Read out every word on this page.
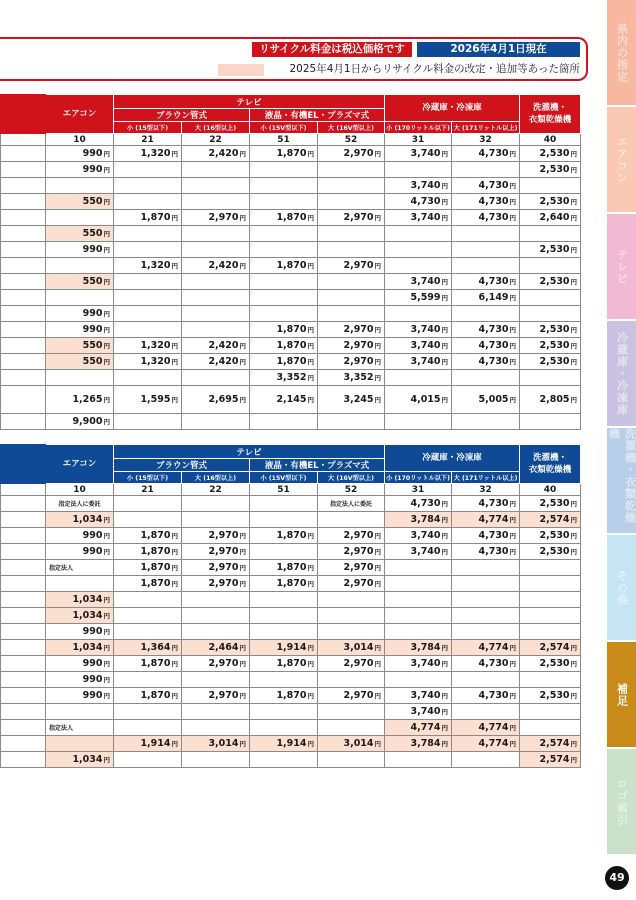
リサイクル料金は税込価格です	2026年4月1日現在
2025年4月1日からリサイクル料金の改定・追加等あった箇所
	エアコン	テレビ				冷蔵庫・冷凍庫		洗濯機・
衣類乾燥機
		ブラウン管式		液晶・有機EL・プラズマ式				
		小 (15型以下)	大 (16型以上)	小 (15V型以下)	大 (16V型以上)	小 (170リットル以下)	大 (171リットル以上)	
	10	21	22	51	52	31	32	40
	990 円	1,320 円	2,420 円	1,870 円	2,970 円	3,740 円	4,730 円	2,530 円
	990 円							2,530 円
						3,740 円	4,730 円	
	550 円					4,730 円	4,730 円	2,530 円
		1,870 円	2,970 円	1,870 円	2,970 円	3,740 円	4,730 円	2,640 円
	550 円							
	990 円							2,530 円
		1,320 円	2,420 円	1,870 円	2,970 円			
	550 円					3,740 円	4,730 円	2,530 円
						5,599 円	6,149 円	
	990 円							
	990 円			1,870 円	2,970 円	3,740 円	4,730 円	2,530 円
	550 円	1,320 円	2,420 円	1,870 円	2,970 円	3,740 円	4,730 円	2,530 円
	550 円	1,320 円	2,420 円	1,870 円	2,970 円	3,740 円	4,730 円	2,530 円
				3,352 円	3,352 円			
	1,265 円	1,595 円	2,695 円	2,145 円	3,245 円	4,015 円	5,005 円	2,805 円
	9,900 円							
	エアコン	テレビ				冷蔵庫・冷凍庫		洗濯機・
衣類乾燥機
		ブラウン管式		液晶・有機EL・プラズマ式				
		小 (15型以下)	大 (16型以上)	小 (15V型以下)	大 (16V型以上)	小 (170リットル以下)	大 (171リットル以上)	
	10	21	22	51	52	31	32	40
	指定法人に委託				指定法人に委託	4,730 円	4,730 円	2,530 円
	1,034 円					3,784 円	4,774 円	2,574 円
	990 円	1,870 円	2,970 円	1,870 円	2,970 円	3,740 円	4,730 円	2,530 円
	990 円	1,870 円	2,970 円		2,970 円	3,740 円	4,730 円	2,530 円
	指定法人	1,870 円	2,970 円	1,870 円	2,970 円			
		1,870 円	2,970 円	1,870 円	2,970 円			
	1,034 円							
	1,034 円							
	990 円							
	1,034 円	1,364 円	2,464 円	1,914 円	3,014 円	3,784 円	4,774 円	2,574 円
	990 円	1,870 円	2,970 円	1,870 円	2,970 円	3,740 円	4,730 円	2,530 円
	990 円							
	990 円	1,870 円	2,970 円	1,870 円	2,970 円	3,740 円	4,730 円	2,530 円
						3,740 円		
	指定法人					4,774 円	4,774 円	
		1,914 円	3,014 円	1,914 円	3,014 円	3,784 円	4,774 円	2,574 円
	1,034 円							2,574 円
県内の指定
エアコン
テレビ
冷蔵庫・冷凍庫
洗濯機・衣類乾燥機
その他
補足
ロゴ索引
49
